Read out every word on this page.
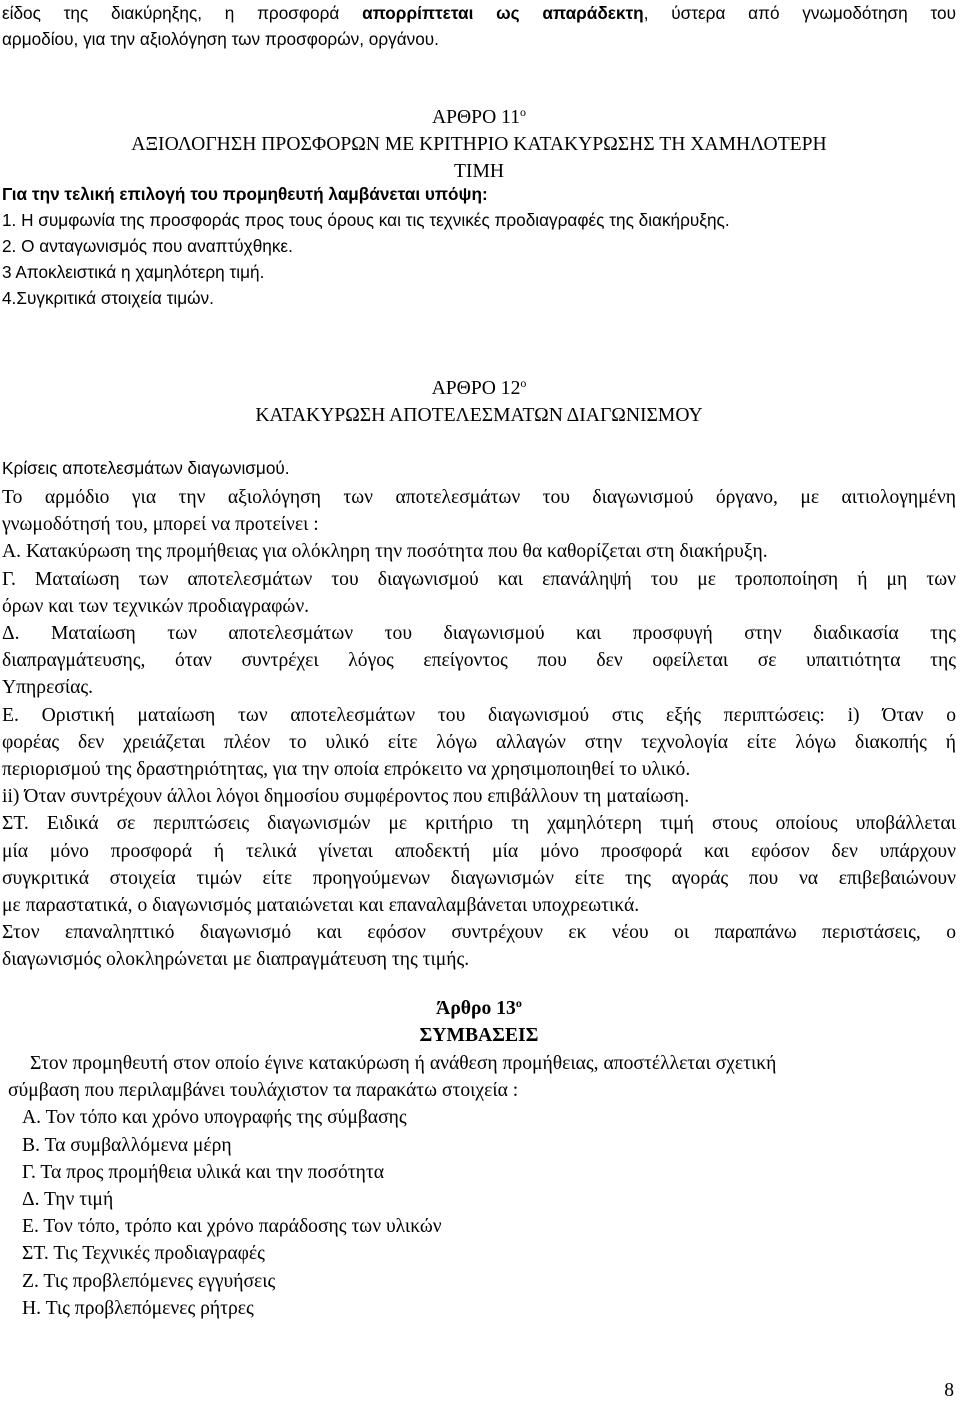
είδος της διακύρηξης, η προσφορά απορρίπτεται ως απαράδεκτη, ύστερα από γνωμοδότηση του
αρμοδίου, για την αξιολόγηση των προσφορών, οργάνου.
ΑΡΘΡΟ $11^o$
ΑΞΙΟΛΟΓΗΣΗ ΠΡΟΣΦΟΡΩΝ ΜΕ ΚΡΙΤΗΡΙΟ ΚΑΤΑΚΥΡΩΣΗΣ ΤΗ ΧΑΜΗΛΟΤΕΡΗ
ΤΙΜΗ
Για την τελική επιλογή του προμηθευτή λαμβάνεται υπόψη:
1. Η συμφωνία της προσφοράς προς τους όρους και τις τεχνικές προδιαγραφές της διακήρυξης.
2. Ο ανταγωνισμός που αναπτύχθηκε.
3 Αποκλειστικά η χαμηλότερη τιμή.
4.Συγκριτικά στοιχεία τιμών.
ΑΡΘΡΟ $12^o$
ΚΑΤΑΚΥΡΩΣΗ ΑΠΟΤΕΛΕΣΜΑΤΩΝ ΔΙΑΓΩΝΙΣΜΟΥ
Κρίσεις αποτελεσμάτων διαγωνισμού.
Το αρμόδιο για την αξιολόγηση των αποτελεσμάτων του διαγωνισμού όργανο, με αιτιολογημένη
γνωμοδότησή του, μπορεί να προτείνει :
Α. Κατακύρωση της προμήθειας για ολόκληρη την ποσότητα που θα καθορίζεται στη διακήρυξη.
Γ. Ματαίωση των αποτελεσμάτων του διαγωνισμού και επανάληψή του με τροποποίηση ή μη των
όρων και των τεχνικών προδιαγραφών.
Δ. Ματαίωση των αποτελεσμάτων του διαγωνισμού και προσφυγή στην διαδικασία της
διαπραγμάτευσης, όταν συντρέχει λόγος επείγοντος που δεν οφείλεται σε υπαιτιότητα της
Υπηρεσίας.
Ε. Οριστική ματαίωση των αποτελεσμάτων του διαγωνισμού στις εξής περιπτώσεις: i) Όταν ο
φορέας δεν χρειάζεται πλέον το υλικό είτε λόγω αλλαγών στην τεχνολογία είτε λόγω διακοπής ή
περιορισμού της δραστηριότητας, για την οποία επρόκειτο να χρησιμοποιηθεί το υλικό.
ii) Όταν συντρέχουν άλλοι λόγοι δημοσίου συμφέροντος που επιβάλλουν τη ματαίωση.
ΣΤ. Ειδικά σε περιπτώσεις διαγωνισμών με κριτήριο τη χαμηλότερη τιμή στους οποίους υποβάλλεται
μία μόνο προσφορά ή τελικά γίνεται αποδεκτή μία μόνο προσφορά και εφόσον δεν υπάρχουν
συγκριτικά στοιχεία τιμών είτε προηγούμενων διαγωνισμών είτε της αγοράς που να επιβεβαιώνουν
με παραστατικά, ο διαγωνισμός ματαιώνεται και επαναλαμβάνεται υποχρεωτικά.
Στον επαναληπτικό διαγωνισμό και εφόσον συντρέχουν εκ νέου οι παραπάνω περιστάσεις, ο
διαγωνισμός ολοκληρώνεται με διαπραγμάτευση της τιμής.
Άρθρο $13^o$
ΣΥΜΒΑΣΕΙΣ
Στον προμηθευτή στον οποίο έγινε κατακύρωση ή ανάθεση προμήθειας, αποστέλλεται σχετική
σύμβαση που περιλαμβάνει τουλάχιστον τα παρακάτω στοιχεία :
Α. Τον τόπο και χρόνο υπογραφής της σύμβασης
Β. Τα συμβαλλόμενα μέρη
Γ. Τα προς προμήθεια υλικά και την ποσότητα
Δ. Την τιμή
Ε. Τον τόπο, τρόπο και χρόνο παράδοσης των υλικών
ΣΤ. Τις Τεχνικές προδιαγραφές
Ζ. Τις προβλεπόμενες εγγυήσεις
Η. Τις προβλεπόμενες ρήτρες
8
